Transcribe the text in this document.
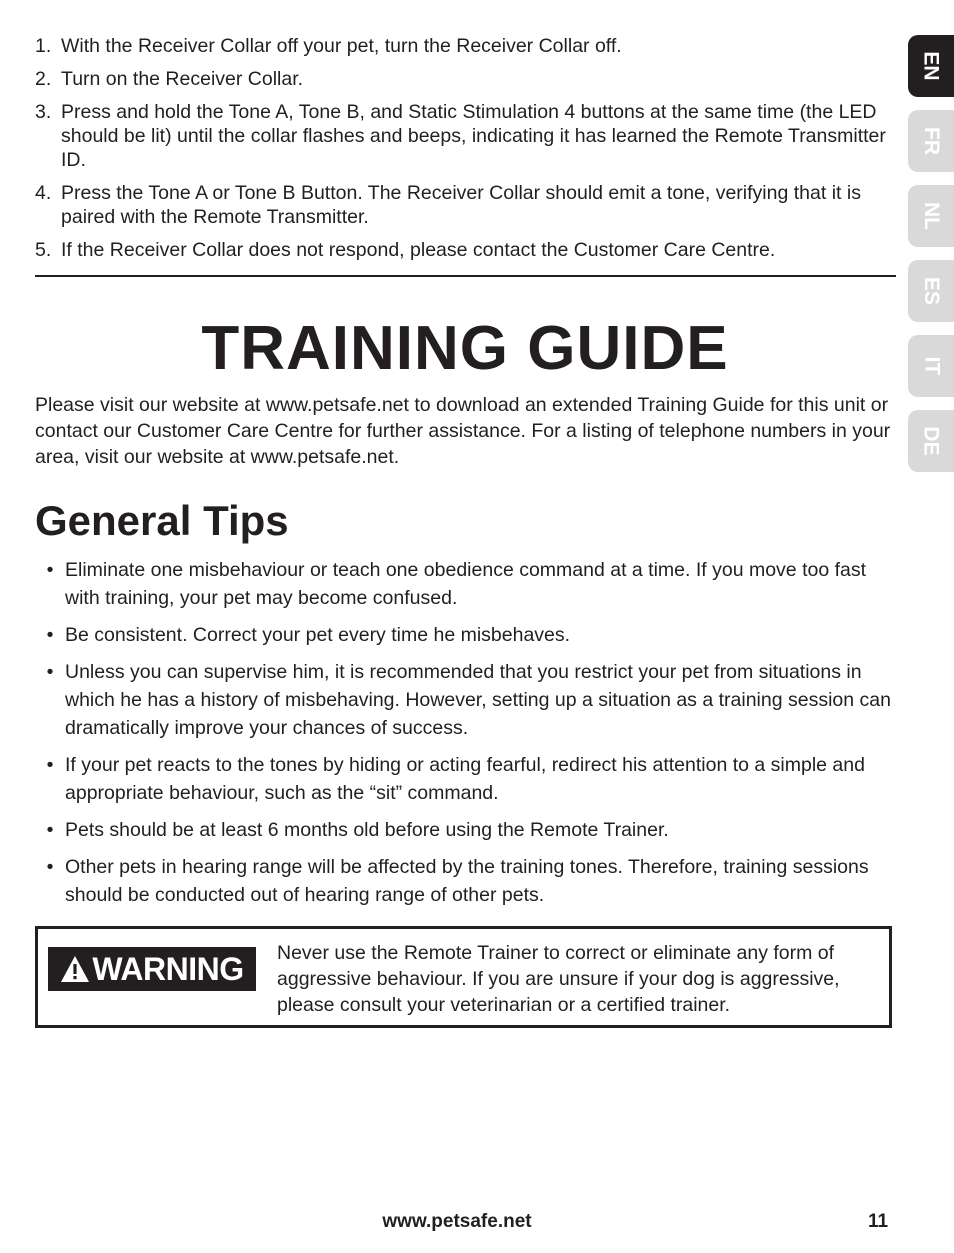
1. With the Receiver Collar off your pet, turn the Receiver Collar off.
2. Turn on the Receiver Collar.
3. Press and hold the Tone A, Tone B, and Static Stimulation 4 buttons at the same time (the LED should be lit) until the collar flashes and beeps, indicating it has learned the Remote Transmitter ID.
4. Press the Tone A or Tone B Button. The Receiver Collar should emit a tone, verifying that it is paired with the Remote Transmitter.
5. If the Receiver Collar does not respond, please contact the Customer Care Centre.
TRAINING GUIDE

Please visit our website at www.petsafe.net to download an extended Training Guide for this unit or contact our Customer Care Centre for further assistance. For a listing of telephone numbers in your area, visit our website at www.petsafe.net.

General Tips
• Eliminate one misbehaviour or teach one obedience command at a time. If you move too fast with training, your pet may become confused.
• Be consistent. Correct your pet every time he misbehaves.
• Unless you can supervise him, it is recommended that you restrict your pet from situations in which he has a history of misbehaving. However, setting up a situation as a training session can dramatically improve your chances of success.
• If your pet reacts to the tones by hiding or acting fearful, redirect his attention to a simple and appropriate behaviour, such as the “sit” command.
• Pets should be at least 6 months old before using the Remote Trainer.
• Other pets in hearing range will be affected by the training tones. Therefore, training sessions should be conducted out of hearing range of other pets.
WARNING Never use the Remote Trainer to correct or eliminate any form of aggressive behaviour. If you are unsure if your dog is aggressive, please consult your veterinarian or a certified trainer.

EN
FR
NL
ES
IT
DE
www.petsafe.net	11
